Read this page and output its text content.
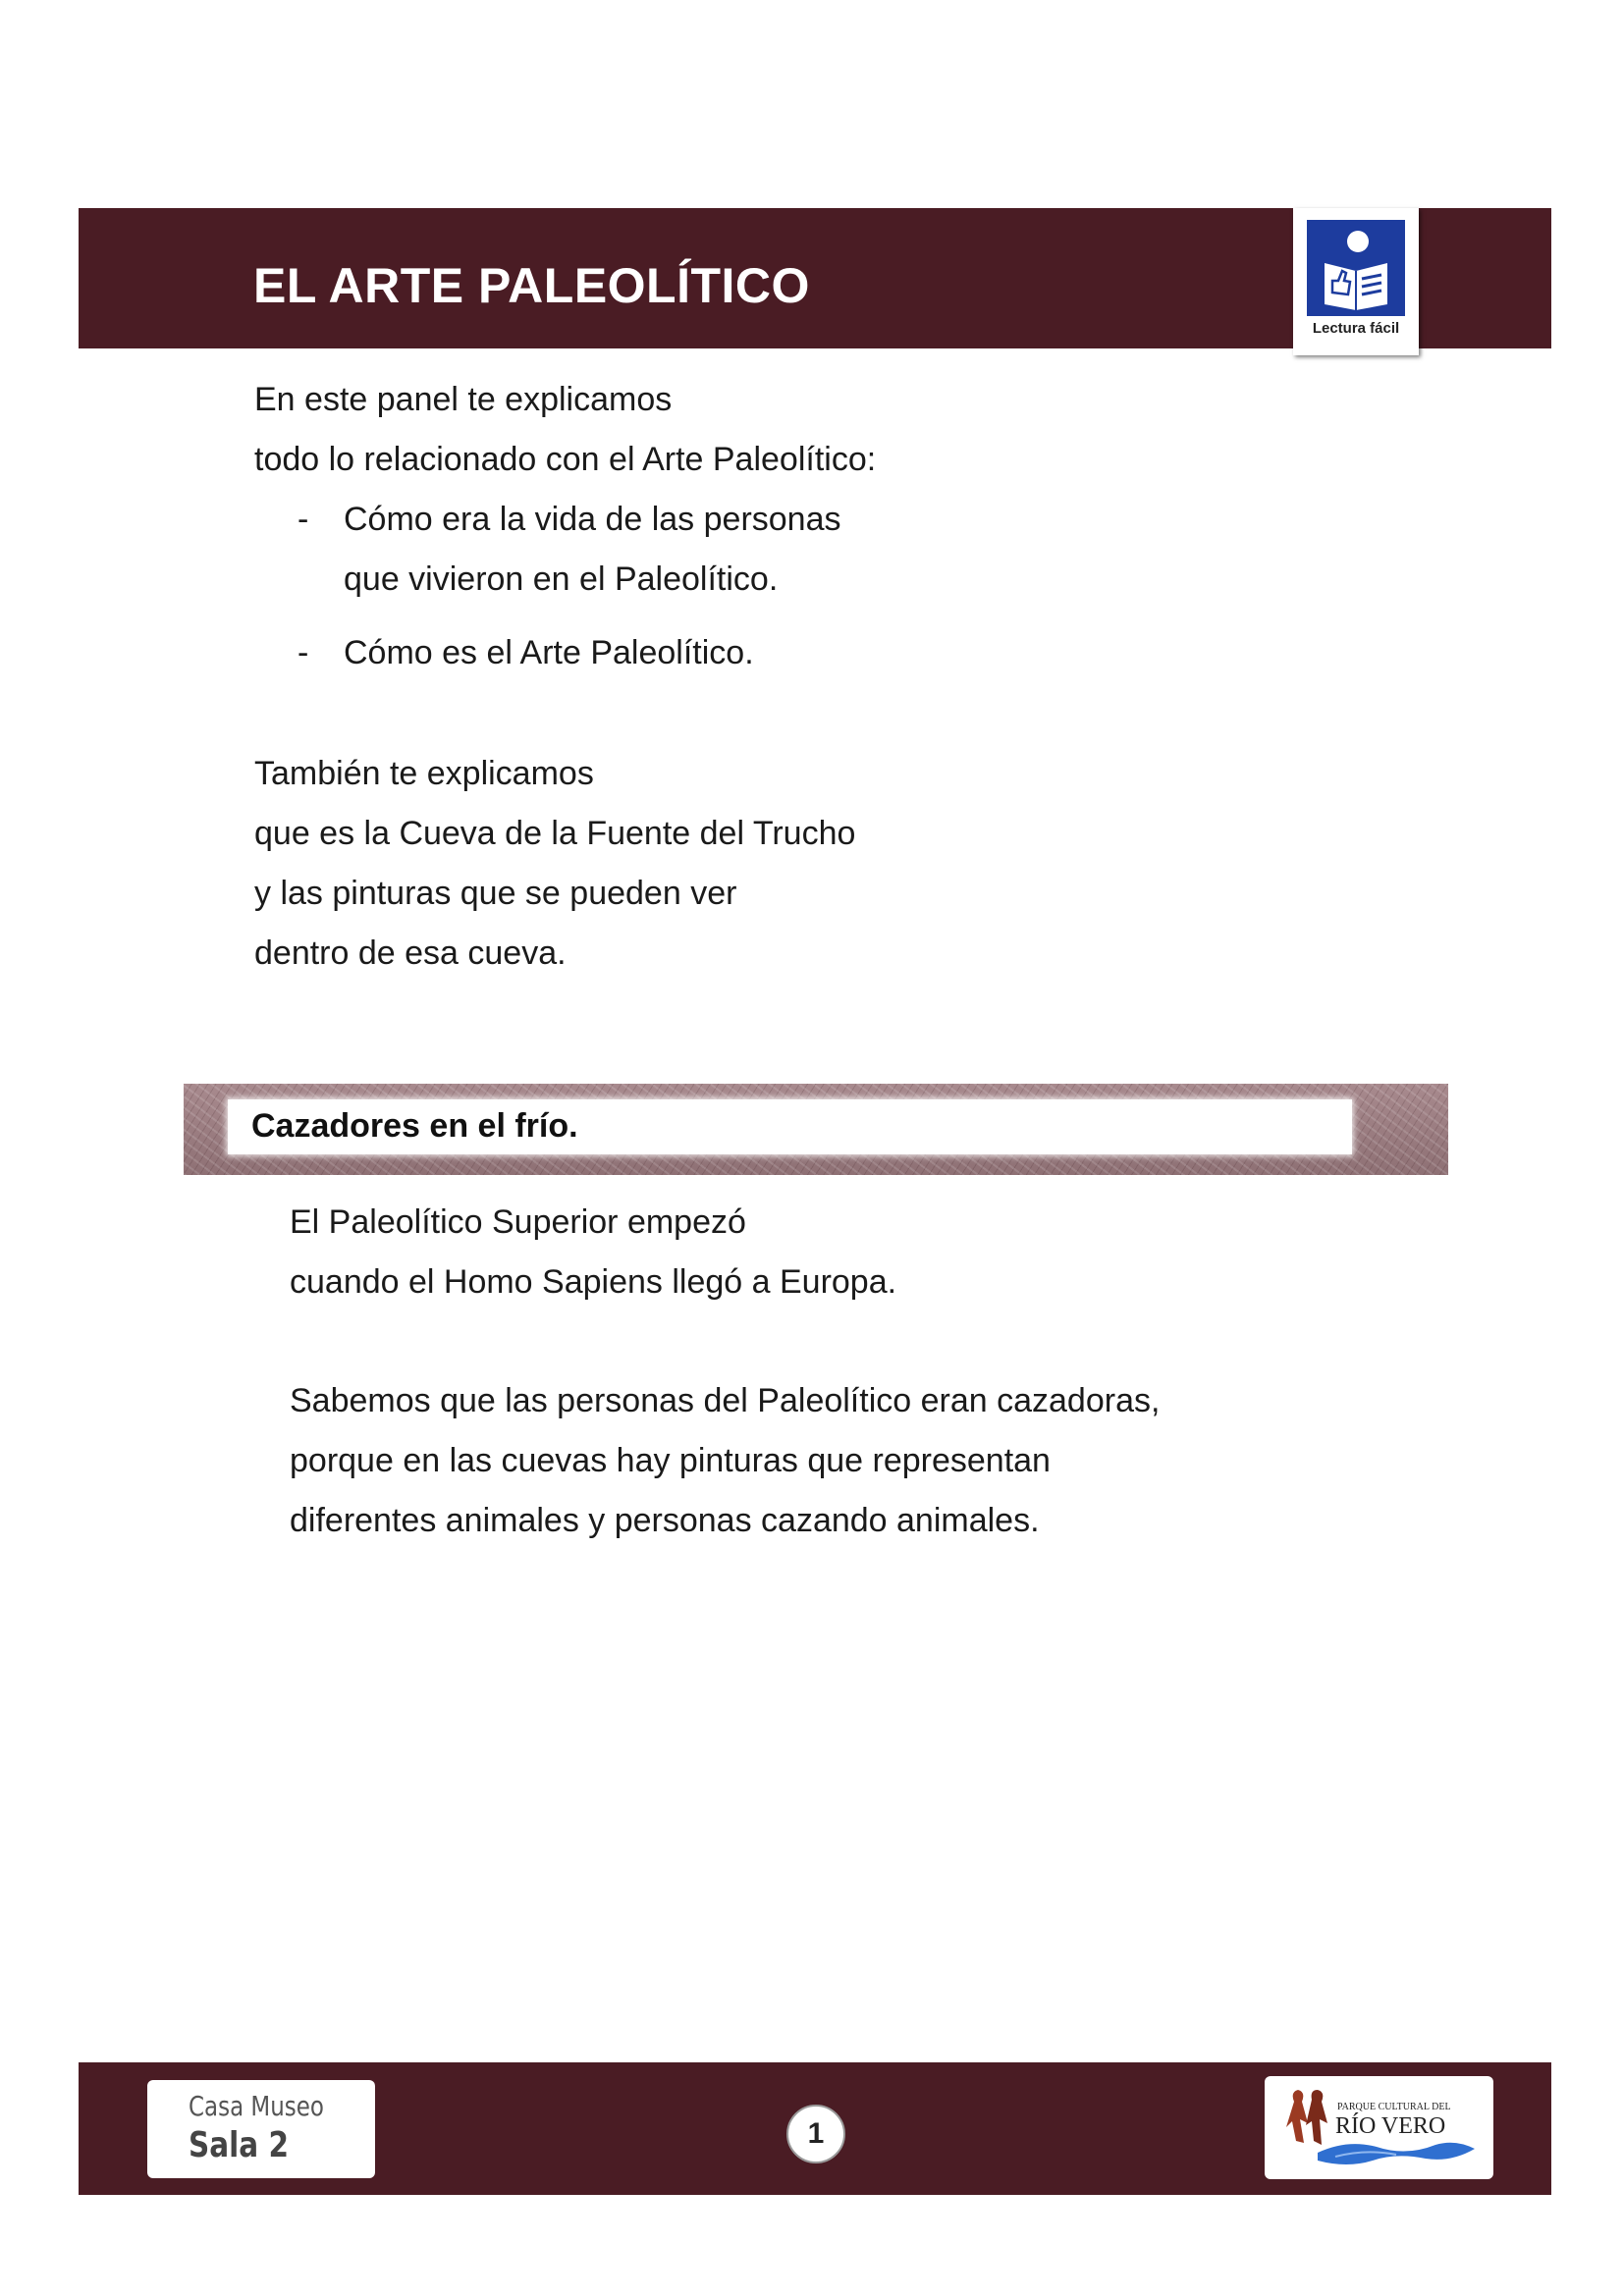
EL ARTE PALEOLÍTICO
Lectura fácil

En este panel te explicamos

todo lo relacionado con el Arte Paleolítico:

- Cómo era la vida de las personas
que vivieron en el Paleolítico.
- Cómo es el Arte Paleolítico.

También te explicamos

que es la Cueva de la Fuente del Trucho

y las pinturas que se pueden ver

dentro de esa cueva.

Cazadores en el frío.

El Paleolítico Superior empezó

cuando el Homo Sapiens llegó a Europa.

Sabemos que las personas del Paleolítico eran cazadoras,

porque en las cuevas hay pinturas que representan

diferentes animales y personas cazando animales.

Casa Museo
Sala 2	1
PARQUE CULTURAL DEL
RÍO VERO
